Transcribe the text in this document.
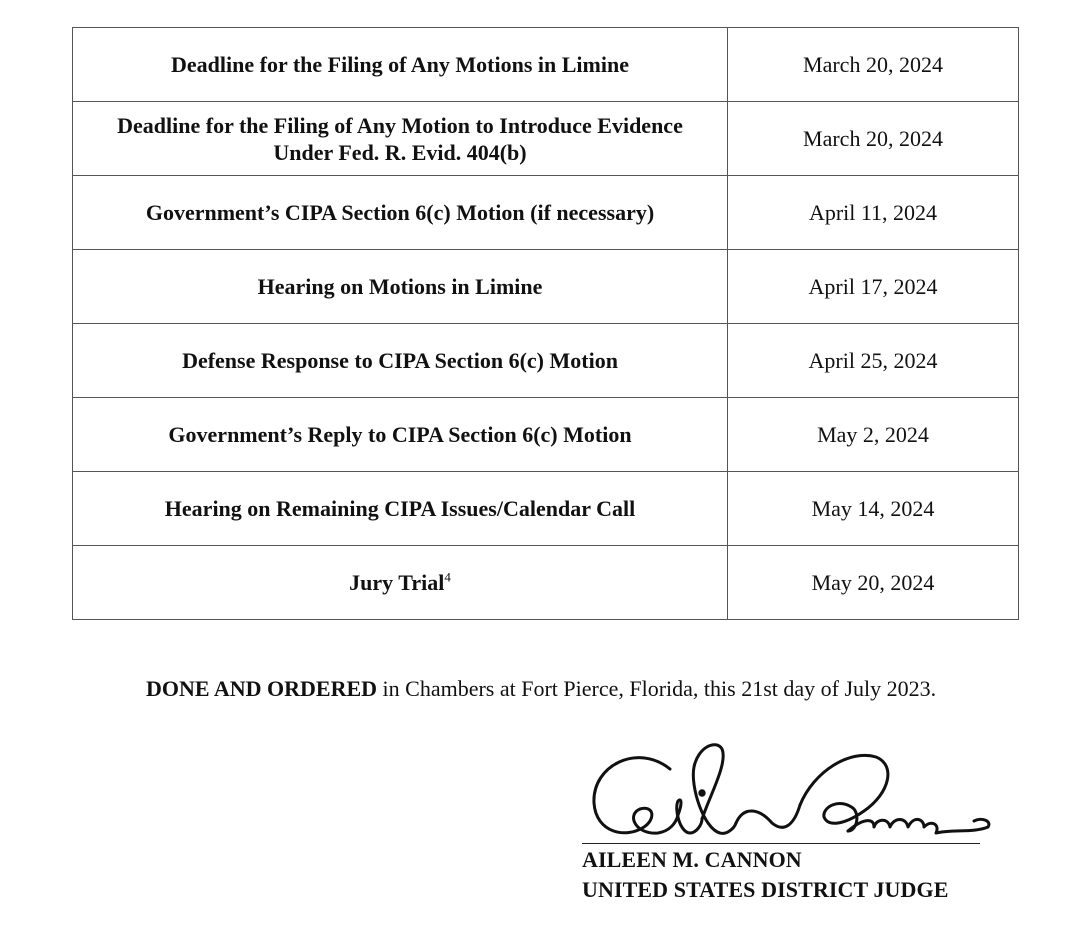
Deadline for the Filing of Any Motions in Limine	March 20, 2024
Deadline for the Filing of Any Motion to Introduce Evidence
Under Fed. R. Evid. 404(b)	March 20, 2024
Government’s CIPA Section 6(c) Motion (if necessary)	April 11, 2024
Hearing on Motions in Limine	April 17, 2024
Defense Response to CIPA Section 6(c) Motion	April 25, 2024
Government’s Reply to CIPA Section 6(c) Motion	May 2, 2024
Hearing on Remaining CIPA Issues/Calendar Call	May 14, 2024
Jury Trial$^4$	May 20, 2024

DONE AND ORDERED in Chambers at Fort Pierce, Florida, this 21st day of July 2023.

AILEEN M. CANNON
UNITED STATES DISTRICT JUDGE
